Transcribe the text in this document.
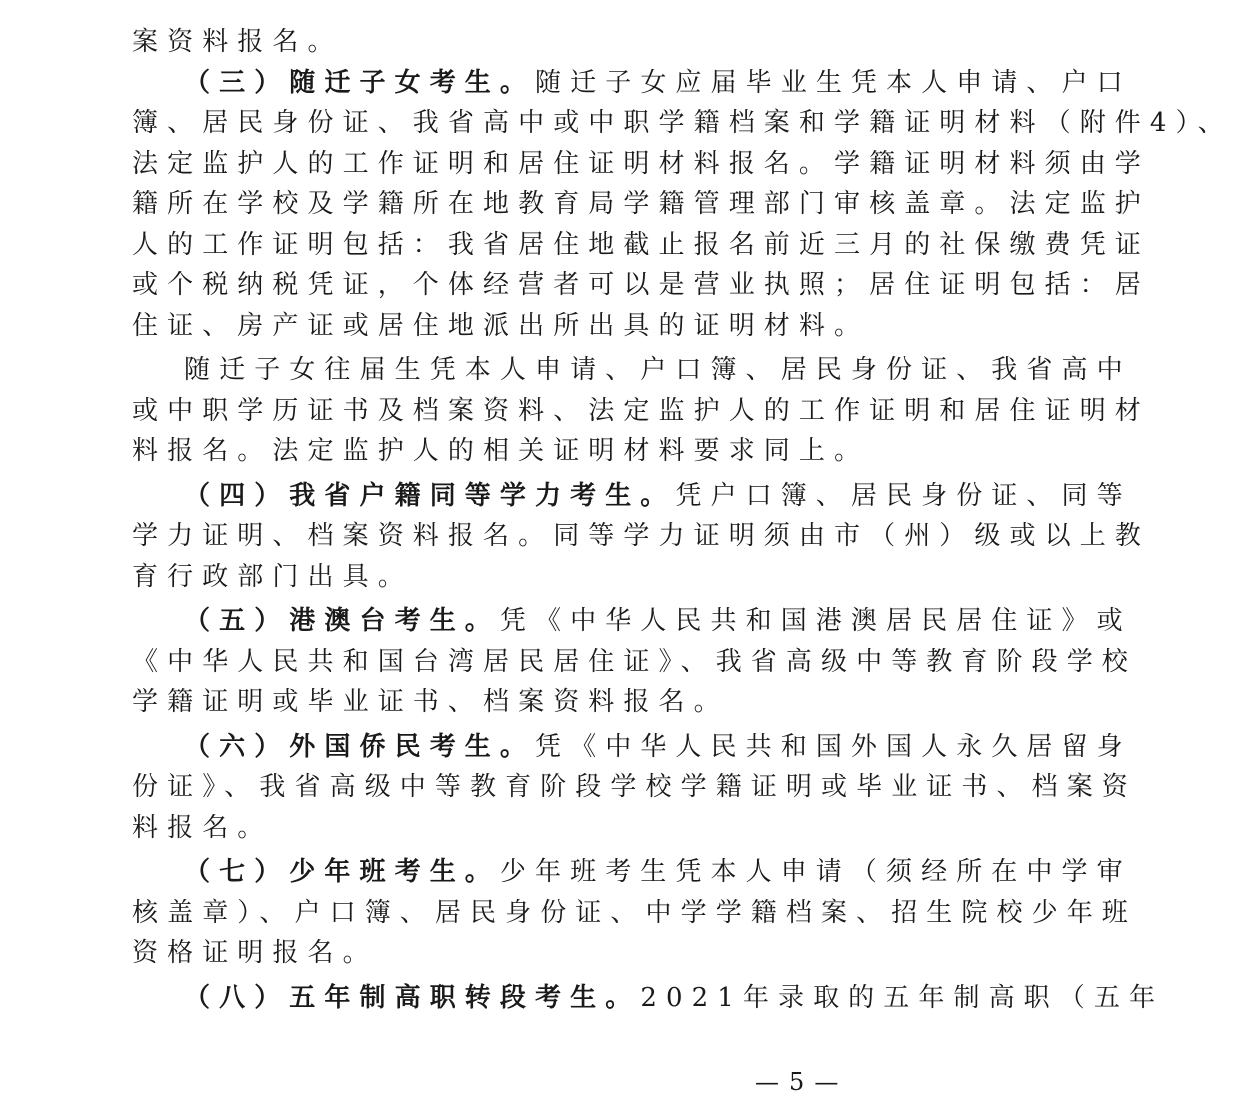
案资料报名。
（三）随迁子女考生。随迁子女应届毕业生凭本人申请、户口
簿、居民身份证、我省高中或中职学籍档案和学籍证明材料（附件4）、
法定监护人的工作证明和居住证明材料报名。学籍证明材料须由学
籍所在学校及学籍所在地教育局学籍管理部门审核盖章。法定监护
人的工作证明包括：我省居住地截止报名前近三月的社保缴费凭证
或个税纳税凭证，个体经营者可以是营业执照；居住证明包括：居
住证、房产证或居住地派出所出具的证明材料。
随迁子女往届生凭本人申请、户口簿、居民身份证、我省高中
或中职学历证书及档案资料、法定监护人的工作证明和居住证明材
料报名。法定监护人的相关证明材料要求同上。
（四）我省户籍同等学力考生。凭户口簿、居民身份证、同等
学力证明、档案资料报名。同等学力证明须由市（州）级或以上教
育行政部门出具。
（五）港澳台考生。凭《中华人民共和国港澳居民居住证》或
《中华人民共和国台湾居民居住证》、我省高级中等教育阶段学校
学籍证明或毕业证书、档案资料报名。
（六）外国侨民考生。凭《中华人民共和国外国人永久居留身
份证》、我省高级中等教育阶段学校学籍证明或毕业证书、档案资
料报名。
（七）少年班考生。少年班考生凭本人申请（须经所在中学审
核盖章）、户口簿、居民身份证、中学学籍档案、招生院校少年班
资格证明报名。
（八）五年制高职转段考生。2021年录取的五年制高职（五年
— 5 —
